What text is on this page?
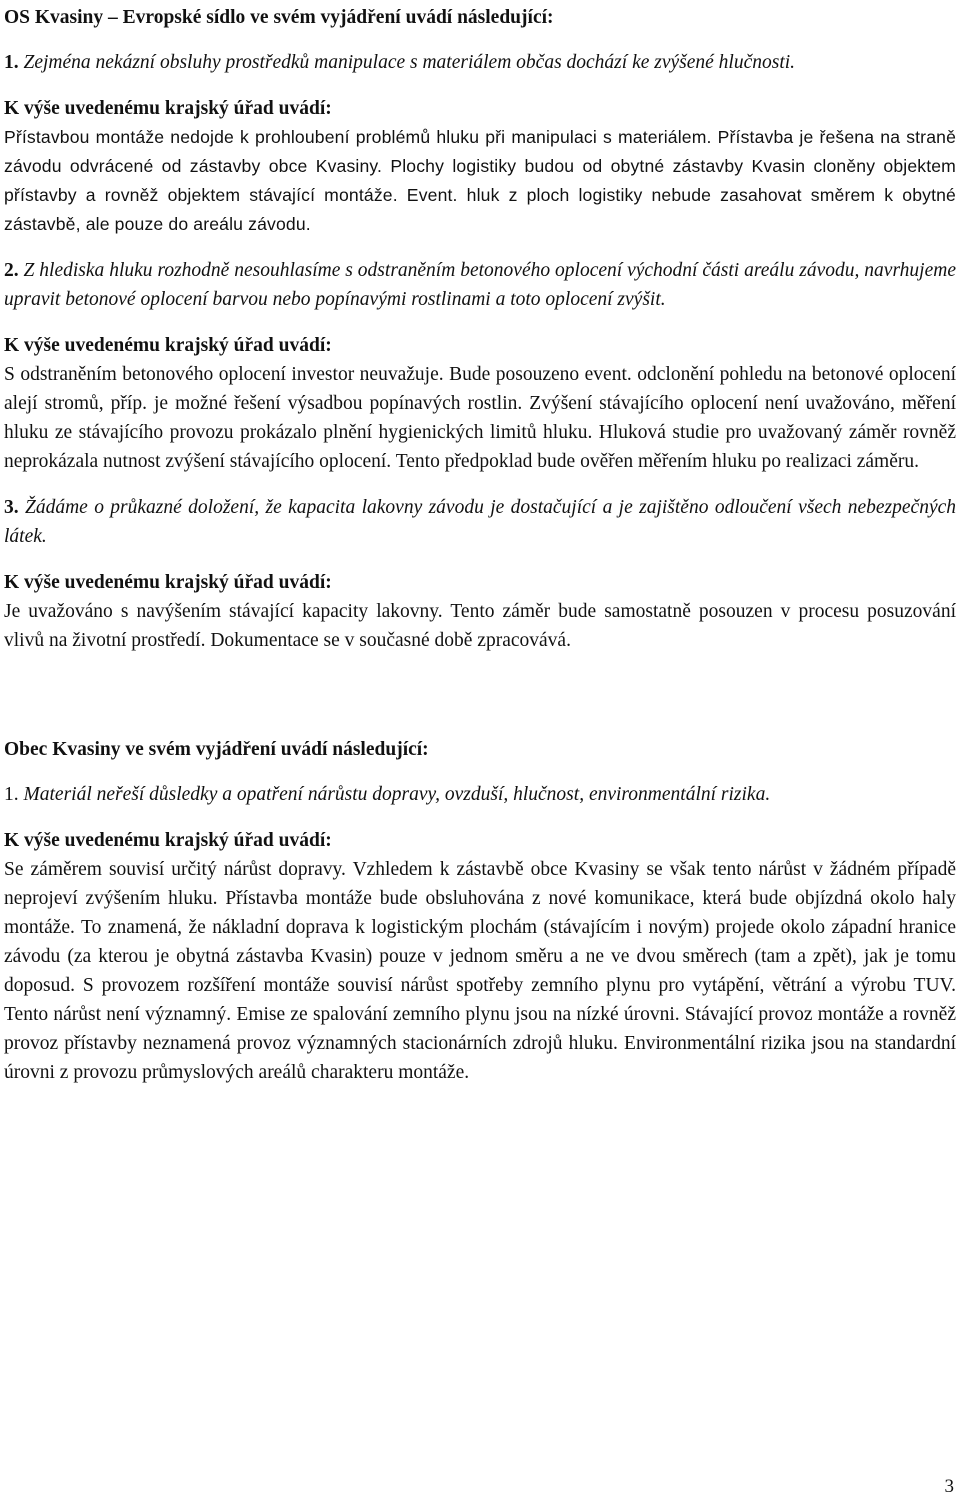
OS Kvasiny – Evropské sídlo ve svém vyjádření uvádí následující:

1. Zejména nekázní obsluhy prostředků manipulace s materiálem občas dochází ke zvýšené hlučnosti.

K výše uvedenému krajský úřad uvádí:

Přístavbou montáže nedojde k prohloubení problémů hluku při manipulaci s materiálem. Přístavba je řešena na straně závodu odvrácené od zástavby obce Kvasiny. Plochy logistiky budou od obytné zástavby Kvasin cloněny objektem přístavby a rovněž objektem stávající montáže. Event. hluk z ploch logistiky nebude zasahovat směrem k obytné zástavbě, ale pouze do areálu závodu.

2. Z hlediska hluku rozhodně nesouhlasíme s odstraněním betonového oplocení východní části areálu závodu, navrhujeme upravit betonové oplocení barvou nebo popínavými rostlinami a toto oplocení zvýšit.

K výše uvedenému krajský úřad uvádí:

S odstraněním betonového oplocení investor neuvažuje. Bude posouzeno event. odclonění pohledu na betonové oplocení alejí stromů, příp. je možné řešení výsadbou popínavých rostlin. Zvýšení stávajícího oplocení není uvažováno, měření hluku ze stávajícího provozu prokázalo plnění hygienických limitů hluku. Hluková studie pro uvažovaný záměr rovněž neprokázala nutnost zvýšení stávajícího oplocení. Tento předpoklad bude ověřen měřením hluku po realizaci záměru.

3. Žádáme o průkazné doložení, že kapacita lakovny závodu je dostačující a je zajištěno odloučení všech nebezpečných látek.

K výše uvedenému krajský úřad uvádí:

Je uvažováno s navýšením stávající kapacity lakovny. Tento záměr bude samostatně posouzen v procesu posuzování vlivů na životní prostředí. Dokumentace se v současné době zpracovává.

Obec Kvasiny ve svém vyjádření uvádí následující:

1. Materiál neřeší důsledky a opatření nárůstu dopravy, ovzduší, hlučnost, environmentální rizika.

K výše uvedenému krajský úřad uvádí:

Se záměrem souvisí určitý nárůst dopravy. Vzhledem k zástavbě obce Kvasiny se však tento nárůst v žádném případě neprojeví zvýšením hluku. Přístavba montáže bude obsluhována z nové komunikace, která bude objízdná okolo haly montáže. To znamená, že nákladní doprava k logistickým plochám (stávajícím i novým) projede okolo západní hranice závodu (za kterou je obytná zástavba Kvasin) pouze v jednom směru a ne ve dvou směrech (tam a zpět), jak je tomu doposud. S provozem rozšíření montáže souvisí nárůst spotřeby zemního plynu pro vytápění, větrání a výrobu TUV. Tento nárůst není významný. Emise ze spalování zemního plynu jsou na nízké úrovni. Stávající provoz montáže a rovněž provoz přístavby neznamená provoz významných stacionárních zdrojů hluku. Environmentální rizika jsou na standardní úrovni z provozu průmyslových areálů charakteru montáže.

3
